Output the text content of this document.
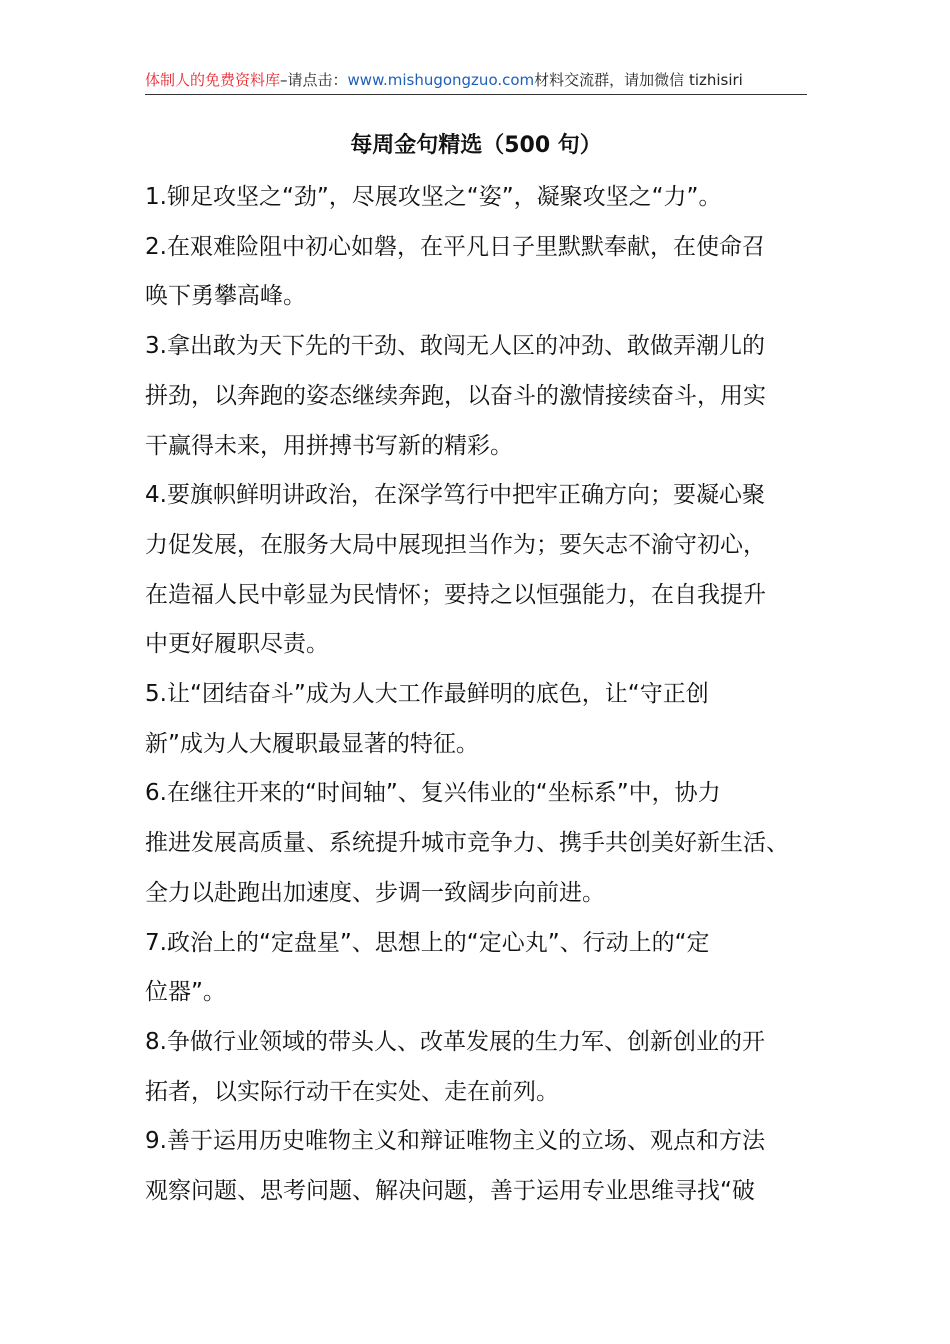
体制人的免费资料库–请点击：www.mishugongzuo.com材料交流群，请加微信 tizhisiri
每周金句精选（500 句）

1.铆足攻坚之“劲”，尽展攻坚之“姿”，凝聚攻坚之“力”。

2.在艰难险阻中初心如磐，在平凡日子里默默奉献，在使命召
唤下勇攀高峰。

3.拿出敢为天下先的干劲、敢闯无人区的冲劲、敢做弄潮儿的
拼劲，以奔跑的姿态继续奔跑，以奋斗的激情接续奋斗，用实
干赢得未来，用拼搏书写新的精彩。

4.要旗帜鲜明讲政治，在深学笃行中把牢正确方向；要凝心聚
力促发展，在服务大局中展现担当作为；要矢志不渝守初心，
在造福人民中彰显为民情怀；要持之以恒强能力，在自我提升
中更好履职尽责。

5.让“团结奋斗”成为人大工作最鲜明的底色，让“守正创
新”成为人大履职最显著的特征。

6.在继往开来的“时间轴”、复兴伟业的“坐标系”中，协力
推进发展高质量、系统提升城市竞争力、携手共创美好新生活、
全力以赴跑出加速度、步调一致阔步向前进。

7.政治上的“定盘星”、思想上的“定心丸”、行动上的“定
位器”。

8.争做行业领域的带头人、改革发展的生力军、创新创业的开
拓者，以实际行动干在实处、走在前列。

9.善于运用历史唯物主义和辩证唯物主义的立场、观点和方法
观察问题、思考问题、解决问题，善于运用专业思维寻找“破
